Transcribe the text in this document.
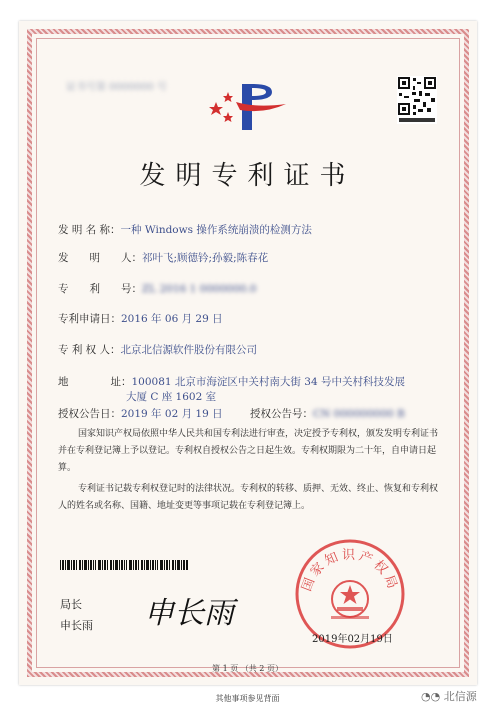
证书号第 0000000 号
发明专利证书
发 明 名 称：一种 Windows 操作系统崩溃的检测方法
发　　明　　人：祁叶飞;顾德钤;孙毅;陈春花
专　　利　　号：ZL 2016 1 0000000.0
专利申请日：2016 年 06 月 29 日
专 利 权 人：北京北信源软件股份有限公司
地　　　　址：100081 北京市海淀区中关村南大街 34 号中关村科技发展
大厦 C 座 1602 室
授权公告日：2019 年 02 月 19 日	授权公告号：CN 000000000 B
国家知识产权局依照中华人民共和国专利法进行审查，决定授予专利权，颁发发明专利证书并在专利登记簿上予以登记。专利权自授权公告之日起生效。专利权期限为二十年，自申请日起算。
专利证书记载专利权登记时的法律状况。专利权的转移、质押、无效、终止、恢复和专利权人的姓名或名称、国籍、地址变更等事项记载在专利登记簿上。
局长
申长雨 申长雨
国家知识产权局
2019年02月19日
第 1 页 （共 2 页）
其他事项参见背面	◔◔ 北信源
